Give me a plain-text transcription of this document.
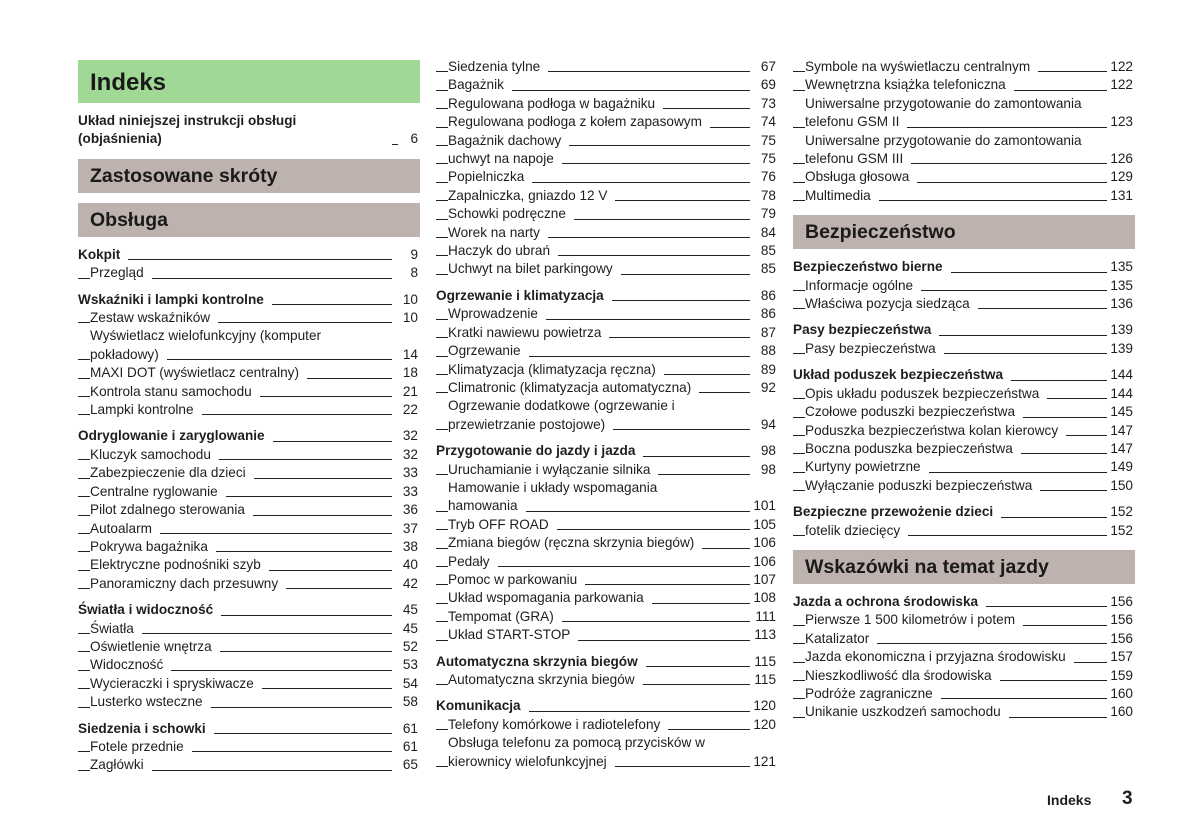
Indeks
Układ niniejszej instrukcji obsługi (objaśnienia)	6
Zastosowane skróty
Obsługa
Kokpit	9
Przegląd	8
Wskaźniki i lampki kontrolne	10
Zestaw wskaźników	10
Wyświetlacz wielofunkcyjny (komputer pokładowy)	14
MAXI DOT (wyświetlacz centralny)	18
Kontrola stanu samochodu	21
Lampki kontrolne	22
Odryglowanie i zaryglowanie	32
Kluczyk samochodu	32
Zabezpieczenie dla dzieci	33
Centralne ryglowanie	33
Pilot zdalnego sterowania	36
Autoalarm	37
Pokrywa bagażnika	38
Elektryczne podnośniki szyb	40
Panoramiczny dach przesuwny	42
Światła i widoczność	45
Światła	45
Oświetlenie wnętrza	52
Widoczność	53
Wycieraczki i spryskiwacze	54
Lusterko wsteczne	58
Siedzenia i schowki	61
Fotele przednie	61
Zagłówki	65
Siedzenia tylne	67
Bagażnik	69
Regulowana podłoga w bagażniku	73
Regulowana podłoga z kołem zapasowym	74
Bagażnik dachowy	75
uchwyt na napoje	75
Popielniczka	76
Zapalniczka, gniazdo 12 V	78
Schowki podręczne	79
Worek na narty	84
Haczyk do ubrań	85
Uchwyt na bilet parkingowy	85
Ogrzewanie i klimatyzacja	86
Wprowadzenie	86
Kratki nawiewu powietrza	87
Ogrzewanie	88
Klimatyzacja (klimatyzacja ręczna)	89
Climatronic (klimatyzacja automatyczna)	92
Ogrzewanie dodatkowe (ogrzewanie i przewietrzanie postojowe)	94
Przygotowanie do jazdy i jazda	98
Uruchamianie i wyłączanie silnika	98
Hamowanie i układy wspomagania hamowania	101
Tryb OFF ROAD	105
Zmiana biegów (ręczna skrzynia biegów)	106
Pedały	106
Pomoc w parkowaniu	107
Układ wspomagania parkowania	108
Tempomat (GRA)	111
Układ START-STOP	113
Automatyczna skrzynia biegów	115
Automatyczna skrzynia biegów	115
Komunikacja	120
Telefony komórkowe i radiotelefony	120
Obsługa telefonu za pomocą przycisków w kierownicy wielofunkcyjnej	121
Symbole na wyświetlaczu centralnym	122
Wewnętrzna książka telefoniczna	122
Uniwersalne przygotowanie do zamontowania telefonu GSM II	123
Uniwersalne przygotowanie do zamontowania telefonu GSM III	126
Obsługa głosowa	129
Multimedia	131
Bezpieczeństwo
Bezpieczeństwo bierne	135
Informacje ogólne	135
Właściwa pozycja siedząca	136
Pasy bezpieczeństwa	139
Pasy bezpieczeństwa	139
Układ poduszek bezpieczeństwa	144
Opis układu poduszek bezpieczeństwa	144
Czołowe poduszki bezpieczeństwa	145
Poduszka bezpieczeństwa kolan kierowcy	147
Boczna poduszka bezpieczeństwa	147
Kurtyny powietrzne	149
Wyłączanie poduszki bezpieczeństwa	150
Bezpieczne przewożenie dzieci	152
fotelik dziecięcy	152
Wskazówki na temat jazdy
Jazda a ochrona środowiska	156
Pierwsze 1 500 kilometrów i potem	156
Katalizator	156
Jazda ekonomiczna i przyjazna środowisku	157
Nieszkodliwość dla środowiska	159
Podróże zagraniczne	160
Unikanie uszkodzeń samochodu	160
Indeks 3
